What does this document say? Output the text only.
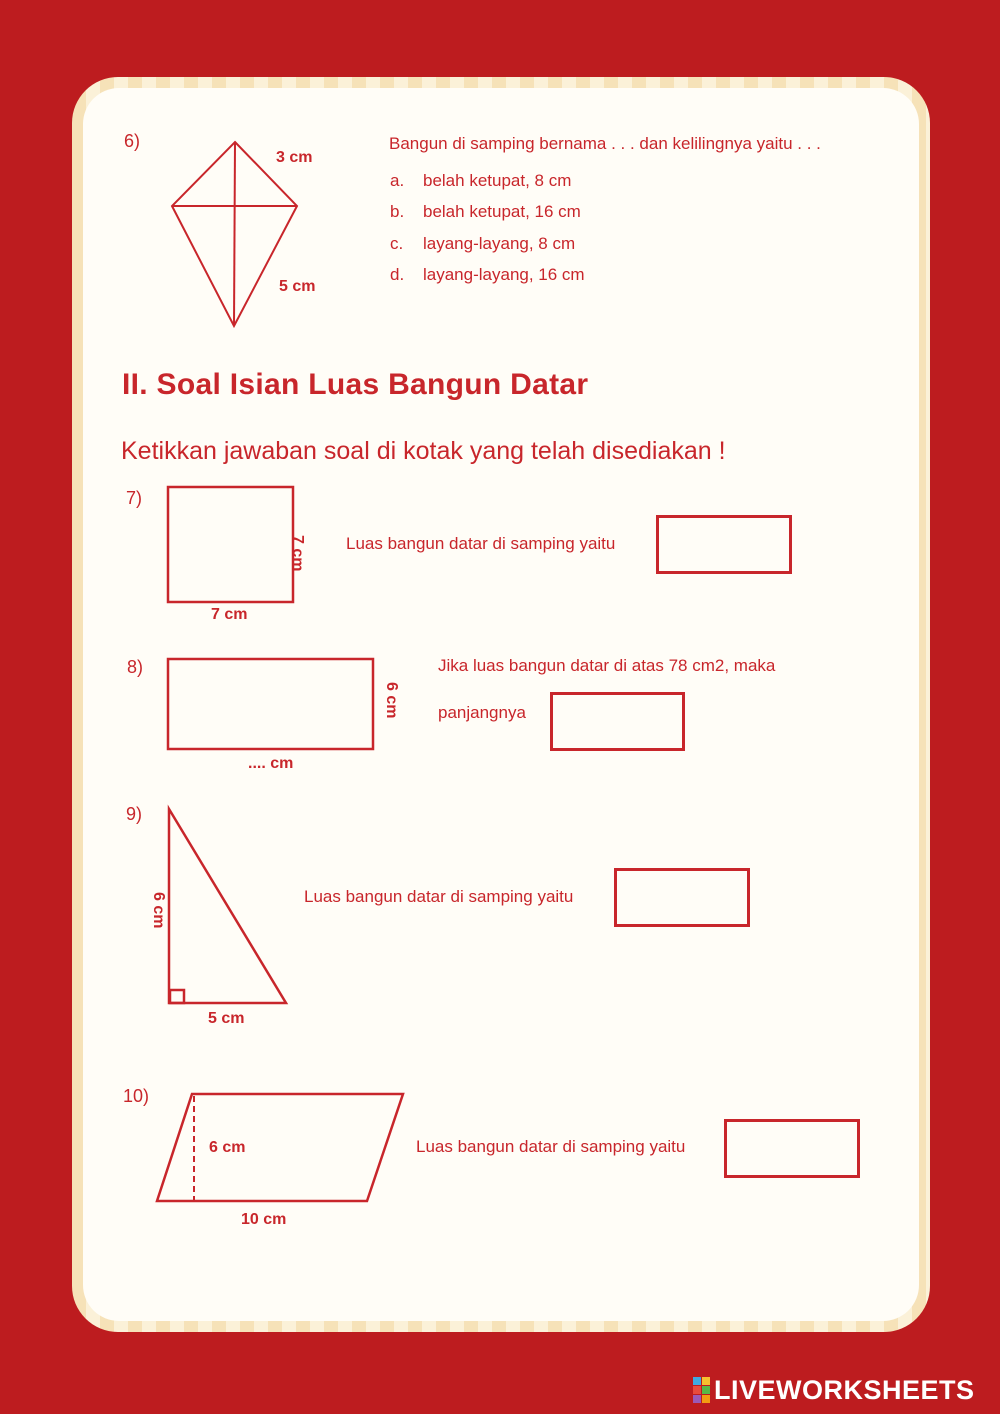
6)
3 cm
5 cm
Bangun di samping bernama . . . dan kelilingnya yaitu . . .
a. belah ketupat, 8 cm
b. belah ketupat, 16 cm
c. layang-layang, 8 cm
d. layang-layang, 16 cm
II. Soal Isian Luas Bangun Datar
Ketikkan jawaban soal di kotak yang telah disediakan !
7)
7 cm
7 cm
Luas bangun datar di samping yaitu
8)
6 cm
.... cm
Jika luas bangun datar di atas 78 cm2, maka
panjangnya
9)
6 cm
5 cm
Luas bangun datar di samping yaitu
10)
6 cm
10 cm
Luas bangun datar di samping yaitu
LIVEWORKSHEETS
